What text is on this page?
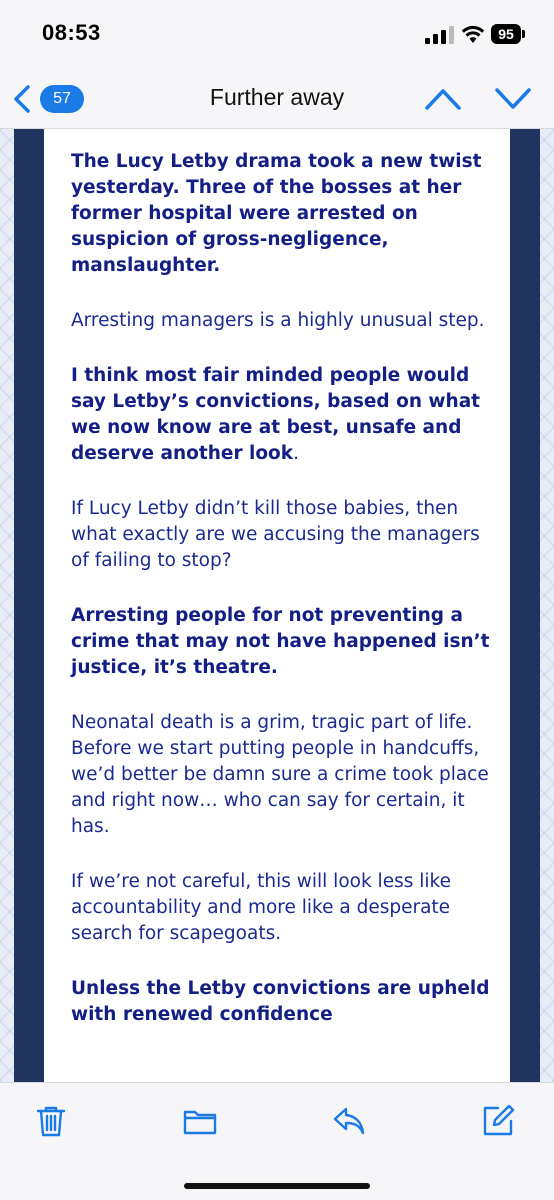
08:53	95
57	Further away

The Lucy Letby drama took a new twist yesterday. Three of the bosses at her former hospital were arrested on suspicion of gross-negligence, manslaughter.

Arresting managers is a highly unusual step.

I think most fair minded people would say Letby’s convictions, based on what we now know are at best, unsafe and deserve another look.

If Lucy Letby didn’t kill those babies, then what exactly are we accusing the managers of failing to stop?

Arresting people for not preventing a crime that may not have happened isn’t justice, it’s theatre.

Neonatal death is a grim, tragic part of life. Before we start putting people in handcuffs, we’d better be damn sure a crime took place and right now… who can say for certain, it has.

If we’re not careful, this will look less like accountability and more like a desperate search for scapegoats.

Unless the Letby convictions are upheld with renewed confidence
